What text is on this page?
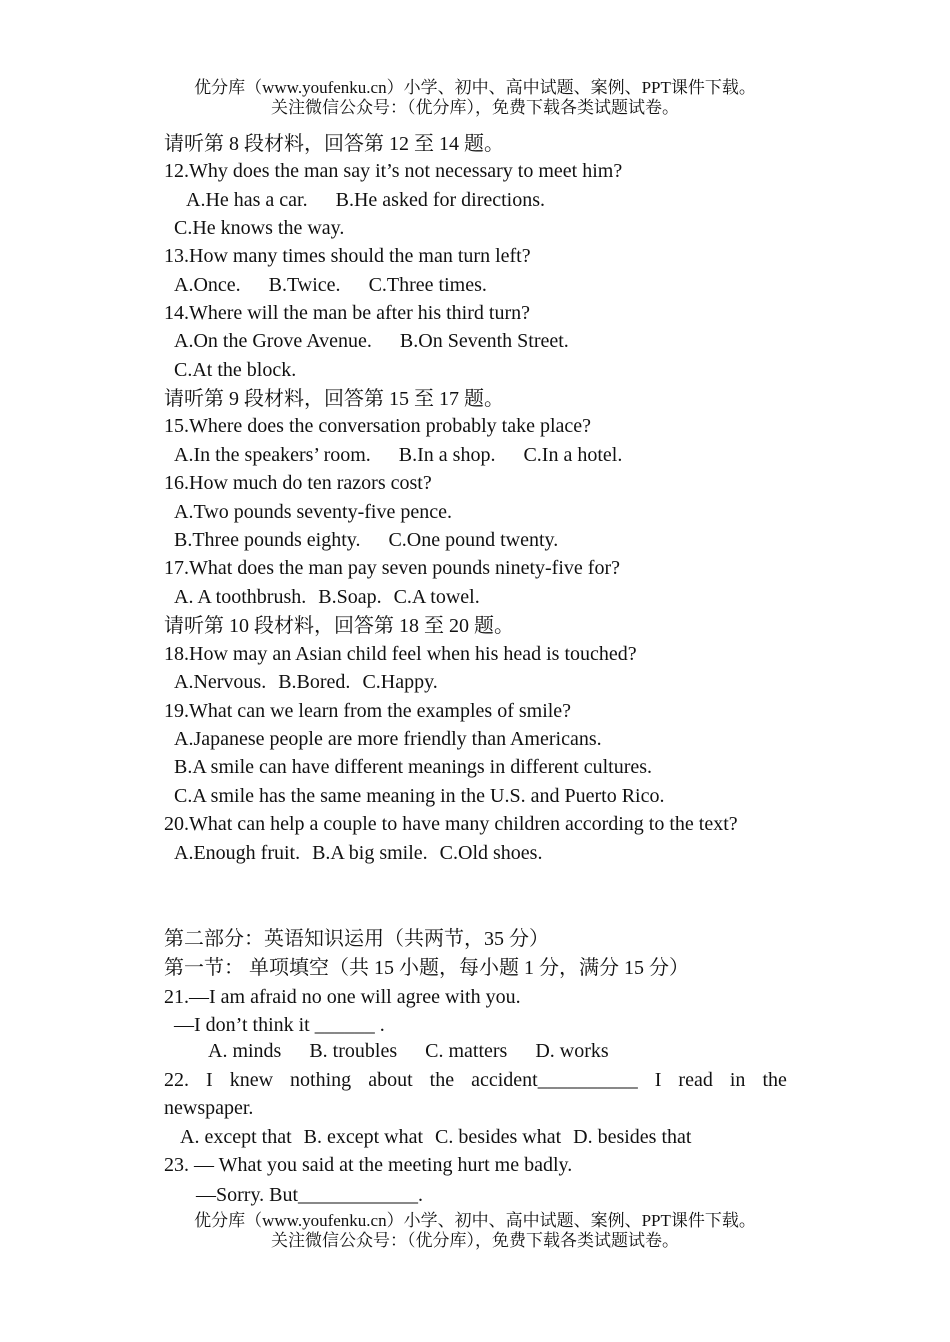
优分库（www.youfenku.cn）小学、初中、高中试题、案例、PPT课件下载。
关注微信公众号：（优分库），免费下载各类试题试卷。
请听第 8 段材料，回答第 12 至 14 题。
12.Why does the man say it’s not necessary to meet him?
A.He has a car. B.He asked for directions.
C.He knows the way.
13.How many times should the man turn left?
A.Once. B.Twice. C.Three times.
14.Where will the man be after his third turn?
A.On the Grove Avenue. B.On Seventh Street.
C.At the block.
请听第 9 段材料，回答第 15 至 17 题。
15.Where does the conversation probably take place?
A.In the speakers’ room. B.In a shop. C.In a hotel.
16.How much do ten razors cost?
A.Two pounds seventy-five pence.
B.Three pounds eighty. C.One pound twenty.
17.What does the man pay seven pounds ninety-five for?
A. A toothbrush. B.Soap. C.A towel.
请听第 10 段材料，回答第 18 至 20 题。
18.How may an Asian child feel when his head is touched?
A.Nervous. B.Bored. C.Happy.
19.What can we learn from the examples of smile?
A.Japanese people are more friendly than Americans.
B.A smile can have different meanings in different cultures.
C.A smile has the same meaning in the U.S. and Puerto Rico.
20.What can help a couple to have many children according to the text?
A.Enough fruit. B.A big smile. C.Old shoes.
第二部分：英语知识运用（共两节，35 分）
第一节： 单项填空（共 15 小题，每小题 1 分，满分 15 分）
21.—I am afraid no one will agree with you.
—I don’t think it ______ .
A. minds B. troubles C. matters D. works
22. I knew nothing about the accident__________ I read in the
newspaper.
A. except that B. except what C. besides what D. besides that
23. — What you said at the meeting hurt me badly.
—Sorry. But____________.
优分库（www.youfenku.cn）小学、初中、高中试题、案例、PPT课件下载。
关注微信公众号：（优分库），免费下载各类试题试卷。
